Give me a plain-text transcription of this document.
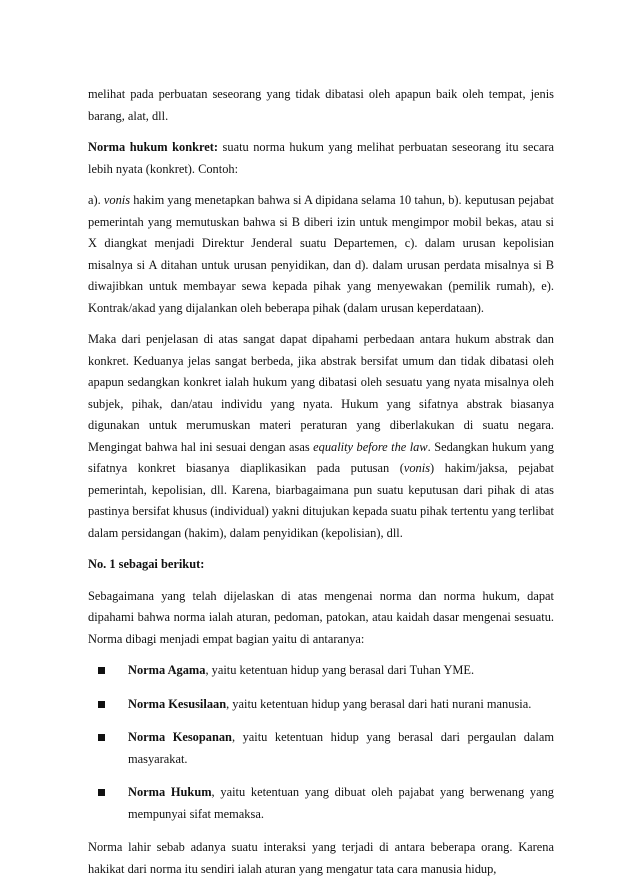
melihat pada perbuatan seseorang yang tidak dibatasi oleh apapun baik oleh tempat, jenis barang, alat, dll.

Norma hukum konkret: suatu norma hukum yang melihat perbuatan seseorang itu secara lebih nyata (konkret). Contoh:

a). vonis hakim yang menetapkan bahwa si A dipidana selama 10 tahun, b). keputusan pejabat pemerintah yang memutuskan bahwa si B diberi izin untuk mengimpor mobil bekas, atau si X diangkat menjadi Direktur Jenderal suatu Departemen, c). dalam urusan kepolisian misalnya si A ditahan untuk urusan penyidikan, dan d). dalam urusan perdata misalnya si B diwajibkan untuk membayar sewa kepada pihak yang menyewakan (pemilik rumah), e). Kontrak/akad yang dijalankan oleh beberapa pihak (dalam urusan keperdataan).

Maka dari penjelasan di atas sangat dapat dipahami perbedaan antara hukum abstrak dan konkret. Keduanya jelas sangat berbeda, jika abstrak bersifat umum dan tidak dibatasi oleh apapun sedangkan konkret ialah hukum yang dibatasi oleh sesuatu yang nyata misalnya oleh subjek, pihak, dan/atau individu yang nyata. Hukum yang sifatnya abstrak biasanya digunakan untuk merumuskan materi peraturan yang diberlakukan di suatu negara. Mengingat bahwa hal ini sesuai dengan asas equality before the law. Sedangkan hukum yang sifatnya konkret biasanya diaplikasikan pada putusan (vonis) hakim/jaksa, pejabat pemerintah, kepolisian, dll. Karena, biarbagaimana pun suatu keputusan dari pihak di atas pastinya bersifat khusus (individual) yakni ditujukan kepada suatu pihak tertentu yang terlibat dalam persidangan (hakim), dalam penyidikan (kepolisian), dll.

No. 1 sebagai berikut:

Sebagaimana yang telah dijelaskan di atas mengenai norma dan norma hukum, dapat dipahami bahwa norma ialah aturan, pedoman, patokan, atau kaidah dasar mengenai sesuatu. Norma dibagi menjadi empat bagian yaitu di antaranya:

Norma Agama, yaitu ketentuan hidup yang berasal dari Tuhan YME.
Norma Kesusilaan, yaitu ketentuan hidup yang berasal dari hati nurani manusia.
Norma Kesopanan, yaitu ketentuan hidup yang berasal dari pergaulan dalam masyarakat.
Norma Hukum, yaitu ketentuan yang dibuat oleh pajabat yang berwenang yang mempunyai sifat memaksa.

Norma lahir sebab adanya suatu interaksi yang terjadi di antara beberapa orang. Karena hakikat dari norma itu sendiri ialah aturan yang mengatur tata cara manusia hidup,
